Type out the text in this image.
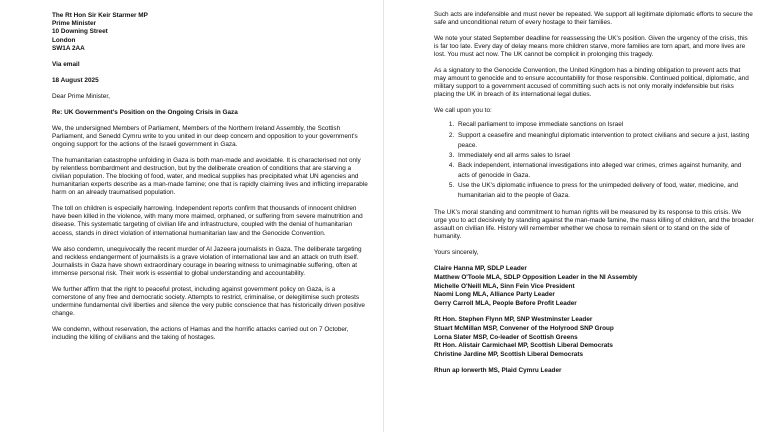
The Rt Hon Sir Keir Starmer MP
Prime Minister
10 Downing Street
London
SW1A 2AA
Via email
18 August 2025
Dear Prime Minister,
Re: UK Government's Position on the Ongoing Crisis in Gaza

We, the undersigned Members of Parliament, Members of the Northern Ireland Assembly, the Scottish Parliament, and Senedd Cymru write to you united in our deep concern and opposition to your government's ongoing support for the actions of the Israeli government in Gaza.

The humanitarian catastrophe unfolding in Gaza is both man-made and avoidable. It is characterised not only by relentless bombardment and destruction, but by the deliberate creation of conditions that are starving a civilian population. The blocking of food, water, and medical supplies has precipitated what UN agencies and humanitarian experts describe as a man-made famine; one that is rapidly claiming lives and inflicting irreparable harm on an already traumatised population.

The toll on children is especially harrowing. Independent reports confirm that thousands of innocent children have been killed in the violence, with many more maimed, orphaned, or suffering from severe malnutrition and disease. This systematic targeting of civilian life and infrastructure, coupled with the denial of humanitarian access, stands in direct violation of international humanitarian law and the Genocide Convention.

We also condemn, unequivocally the recent murder of Al Jazeera journalists in Gaza. The deliberate targeting and reckless endangerment of journalists is a grave violation of international law and an attack on truth itself. Journalists in Gaza have shown extraordinary courage in bearing witness to unimaginable suffering, often at immense personal risk. Their work is essential to global understanding and accountability.

We further affirm that the right to peaceful protest, including against government policy on Gaza, is a cornerstone of any free and democratic society. Attempts to restrict, criminalise, or delegitimise such protests undermine fundamental civil liberties and silence the very public conscience that has historically driven positive change.

We condemn, without reservation, the actions of Hamas and the horrific attacks carried out on 7 October, including the killing of civilians and the taking of hostages.

Such acts are indefensible and must never be repeated. We support all legitimate diplomatic efforts to secure the safe and unconditional return of every hostage to their families.

We note your stated September deadline for reassessing the UK's position. Given the urgency of the crisis, this is far too late. Every day of delay means more children starve, more families are torn apart, and more lives are lost. You must act now. The UK cannot be complicit in prolonging this tragedy.

As a signatory to the Genocide Convention, the United Kingdom has a binding obligation to prevent acts that may amount to genocide and to ensure accountability for those responsible. Continued political, diplomatic, and military support to a government accused of committing such acts is not only morally indefensible but risks placing the UK in breach of its international legal duties.

We call upon you to:
1. Recall parliament to impose immediate sanctions on Israel
2. Support a ceasefire and meaningful diplomatic intervention to protect civilians and secure a just, lasting peace.
3. Immediately end all arms sales to Israel
4. Back independent, international investigations into alleged war crimes, crimes against humanity, and acts of genocide in Gaza.
5. Use the UK's diplomatic influence to press for the unimpeded delivery of food, water, medicine, and humanitarian aid to the people of Gaza.

The UK's moral standing and commitment to human rights will be measured by its response to this crisis. We urge you to act decisively by standing against the man-made famine, the mass killing of children, and the broader assault on civilian life. History will remember whether we chose to remain silent or to stand on the side of humanity.

Yours sincerely,
Claire Hanna MP, SDLP Leader
Matthew O'Toole MLA, SDLP Opposition Leader in the NI Assembly
Michelle O'Neill MLA, Sinn Fein Vice President
Naomi Long MLA, Alliance Party Leader
Gerry Carroll MLA, People Before Profit Leader
Rt Hon. Stephen Flynn MP, SNP Westminster Leader
Stuart McMillan MSP, Convener of the Holyrood SNP Group
Lorna Slater MSP, Co-leader of Scottish Greens
Rt Hon. Alistair Carmichael MP, Scottish Liberal Democrats
Christine Jardine MP, Scottish Liberal Democrats
Rhun ap Iorwerth MS, Plaid Cymru Leader
